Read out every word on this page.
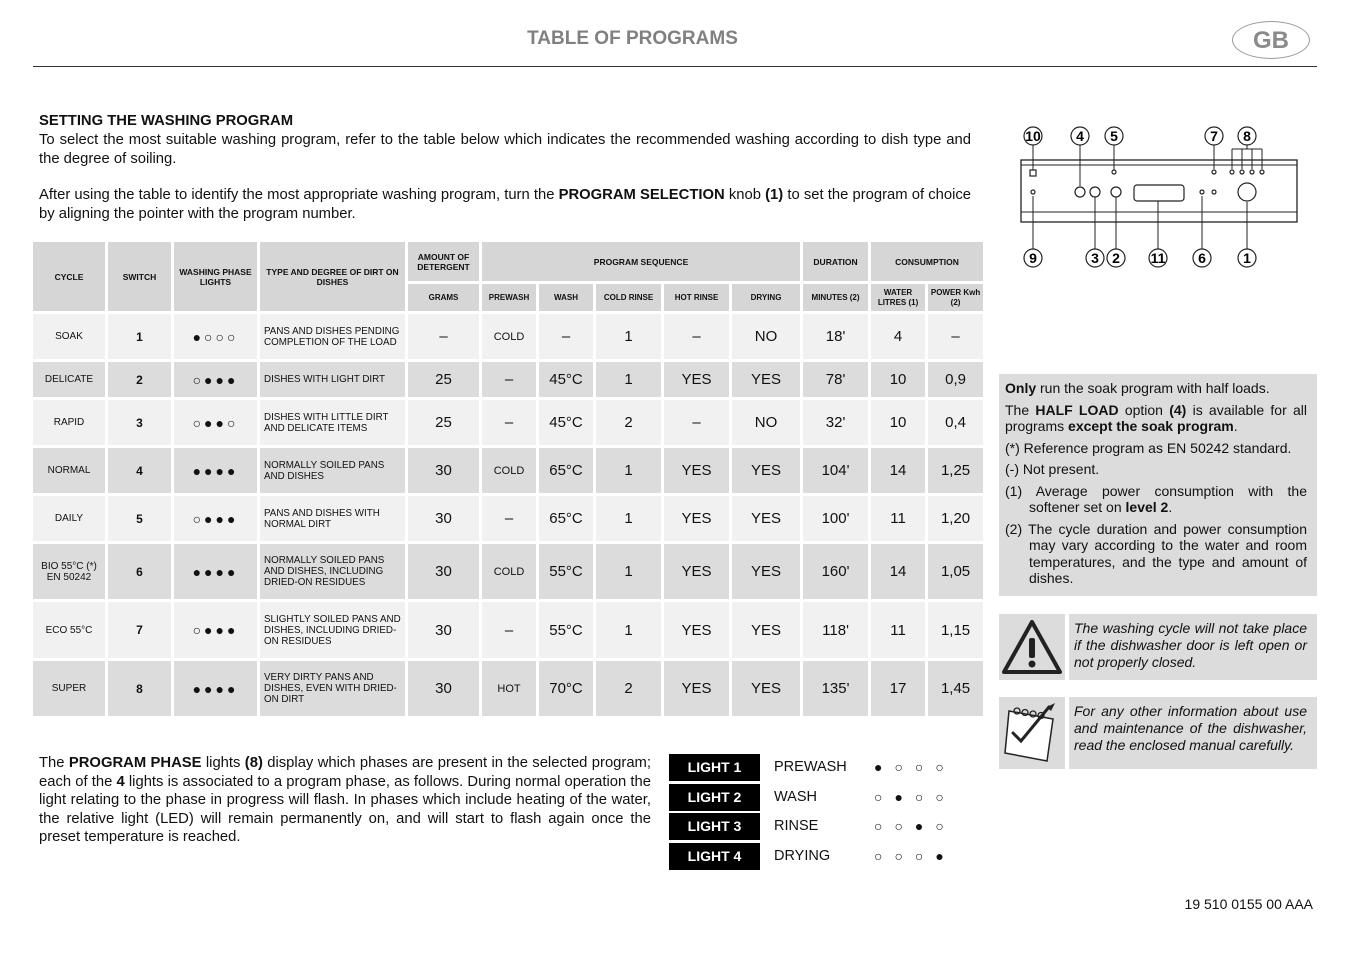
TABLE OF PROGRAMS	GB

SETTING THE WASHING PROGRAM

To select the most suitable washing program, refer to the table below which indicates the recommended washing according to dish type and the degree of soiling.

After using the table to identify the most appropriate washing program, turn the PROGRAM SELECTION knob (1) to set the program of choice by aligning the pointer with the program number.

CYCLE	SWITCH	WASHING PHASE LIGHTS	TYPE AND DEGREE OF DIRT ON DISHES	AMOUNT OF DETERGENT	PROGRAM SEQUENCE					DURATION	CONSUMPTION	
				GRAMS	PREWASH	WASH	COLD RINSE	HOT RINSE	DRYING	MINUTES (2)	WATER LITRES (1)	POWER Kwh (2)
SOAK	1	●○○○	PANS AND DISHES PENDING COMPLETION OF THE LOAD	–	COLD	–	1	–	NO	18'	4	–
DELICATE	2	○●●●	DISHES WITH LIGHT DIRT	25	–	45°C	1	YES	YES	78'	10	0,9
RAPID	3	○●●○	DISHES WITH LITTLE DIRT AND DELICATE ITEMS	25	–	45°C	2	–	NO	32'	10	0,4
NORMAL	4	●●●●	NORMALLY SOILED PANS AND DISHES	30	COLD	65°C	1	YES	YES	104'	14	1,25
DAILY	5	○●●●	PANS AND DISHES WITH NORMAL DIRT	30	–	65°C	1	YES	YES	100'	11	1,20
BIO 55°C (*) EN 50242	6	●●●●	NORMALLY SOILED PANS AND DISHES, INCLUDING DRIED-ON RESIDUES	30	COLD	55°C	1	YES	YES	160'	14	1,05
ECO 55°C	7	○●●●	SLIGHTLY SOILED PANS AND DISHES, INCLUDING DRIED-ON RESIDUES	30	–	55°C	1	YES	YES	118'	11	1,15
SUPER	8	●●●●	VERY DIRTY PANS AND DISHES, EVEN WITH DRIED-ON DIRT	30	HOT	70°C	2	YES	YES	135'	17	1,45
The PROGRAM PHASE lights (8) display which phases are present in the selected program; each of the 4 lights is associated to a program phase, as follows. During normal operation the light relating to the phase in progress will flash. In phases which include heating of the water, the relative light (LED) will remain permanently on, and will start to flash again once the preset temperature is reached.
LIGHT 1	PREWASH ●○○○
LIGHT 2	WASH	○●○○
LIGHT 3	RINSE	○○●○
LIGHT 4	DRYING	○○○●
19 510 0155 00 AAA
10	4 5	7 8
9	3 2 11 6	1

Only run the soak program with half loads.

The HALF LOAD option (4) is available for all programs except the soak program.

(*) Reference program as EN 50242 standard.

(-) Not present.

(1) Average power consumption with the softener set on level 2.

(2) The cycle duration and power consumption may vary according to the water and room temperatures, and the type and amount of dishes.

The washing cycle will not take place if the dishwasher door is left open or not properly closed.
For any other information about use and maintenance of the dishwasher, read the enclosed manual carefully.
